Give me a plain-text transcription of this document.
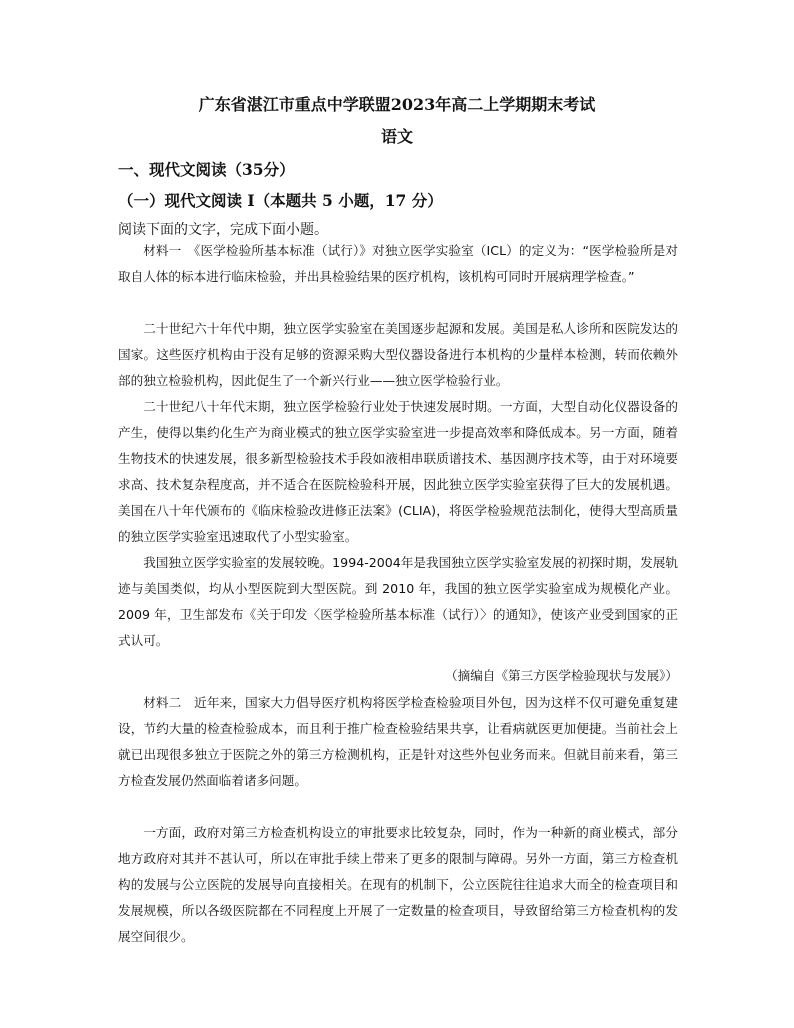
广东省湛江市重点中学联盟2023年高二上学期期末考试
语文
一、现代文阅读（35分）
（一）现代文阅读 I（本题共 5 小题，17 分）
阅读下面的文字，完成下面小题。
材料一　《医学检验所基本标准（试行）》对独立医学实验室（ICL）的定义为：“医学检验所是对取自人体的标本进行临床检验，并出具检验结果的医疗机构，该机构可同时开展病理学检查。”
二十世纪六十年代中期，独立医学实验室在美国逐步起源和发展。美国是私人诊所和医院发达的国家。这些医疗机构由于没有足够的资源采购大型仪器设备进行本机构的少量样本检测，转而依赖外部的独立检验机构，因此促生了一个新兴行业——独立医学检验行业。
二十世纪八十年代末期，独立医学检验行业处于快速发展时期。一方面，大型自动化仪器设备的产生，使得以集约化生产为商业模式的独立医学实验室进一步提高效率和降低成本。另一方面，随着生物技术的快速发展，很多新型检验技术手段如液相串联质谱技术、基因测序技术等，由于对环境要求高、技术复杂程度高，并不适合在医院检验科开展，因此独立医学实验室获得了巨大的发展机遇。美国在八十年代颁布的《临床检验改进修正法案》(CLIA)，将医学检验规范法制化，使得大型高质量的独立医学实验室迅速取代了小型实验室。
我国独立医学实验室的发展较晚。1994-2004年是我国独立医学实验室发展的初探时期，发展轨迹与美国类似，均从小型医院到大型医院。到 2010 年，我国的独立医学实验室成为规模化产业。2009 年，卫生部发布《关于印发〈医学检验所基本标准（试行）〉的通知》，使该产业受到国家的正式认可。
（摘编自《第三方医学检验现状与发展》）
材料二　近年来，国家大力倡导医疗机构将医学检查检验项目外包，因为这样不仅可避免重复建设，节约大量的检查检验成本，而且利于推广检查检验结果共享，让看病就医更加便捷。当前社会上就已出现很多独立于医院之外的第三方检测机构，正是针对这些外包业务而来。但就目前来看，第三方检查发展仍然面临着诸多问题。
一方面，政府对第三方检查机构设立的审批要求比较复杂，同时，作为一种新的商业模式，部分地方政府对其并不甚认可，所以在审批手续上带来了更多的限制与障碍。另外一方面，第三方检查机构的发展与公立医院的发展导向直接相关。在现有的机制下，公立医院往往追求大而全的检查项目和发展规模，所以各级医院都在不同程度上开展了一定数量的检查项目，导致留给第三方检查机构的发展空间很少。
